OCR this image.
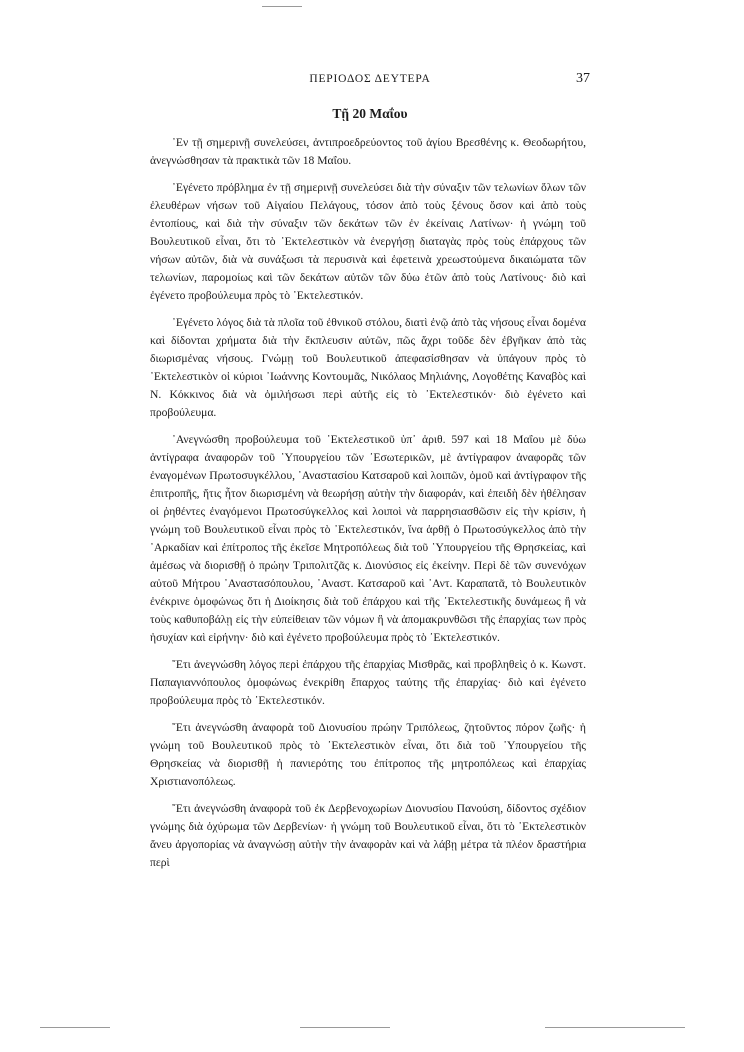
ΠΕΡΙΟΔΟΣ ΔΕΥΤΕΡΑ	37
Τῇ 20 Μαΐου

᾿Εν τῇ σημερινῇ συνελεύσει, ἀντιπροεδρεύοντος τοῦ ἁγίου Βρεσθένης κ. Θεοδωρήτου, ἀνεγνώσθησαν τὰ πρακτικὰ τῶν 18 Μαΐου.

᾿Εγένετο πρόβλημα ἐν τῇ σημερινῇ συνελεύσει διὰ τὴν σύναξιν τῶν τελωνίων ὅλων τῶν ἐλευθέρων νήσων τοῦ Αἰγαίου Πελάγους, τόσον ἀπὸ τοὺς ξένους ὅσον καὶ ἀπὸ τοὺς ἐντοπίους, καὶ διὰ τὴν σύναξιν τῶν δεκάτων τῶν ἐν ἐκείναις Λατίνων· ἡ γνώμη τοῦ Βουλευτικοῦ εἶναι, ὅτι τὸ ᾿Εκτελεστικὸν νὰ ἐνεργήσῃ διαταγὰς πρὸς τοὺς ἐπάρχους τῶν νήσων αὐτῶν, διὰ νὰ συνάξωσι τὰ περυσινὰ καὶ ἐφετεινὰ χρεωστούμενα δικαιώματα τῶν τελωνίων, παρομοίως καὶ τῶν δεκάτων αὐτῶν τῶν δύω ἐτῶν ἀπὸ τοὺς Λατίνους· διὸ καὶ ἐγένετο προβούλευμα πρὸς τὸ ᾿Εκτελεστικόν.

᾿Εγένετο λόγος διὰ τὰ πλοῖα τοῦ ἐθνικοῦ στόλου, διατὶ ἐνῷ ἀπὸ τὰς νήσους εἶναι δομένα καὶ δίδονται χρήματα διὰ τὴν ἔκπλευσιν αὐτῶν, πῶς ἄχρι τοῦδε δὲν ἐβγῆκαν ἀπὸ τὰς διωρισμένας νήσους. Γνώμῃ τοῦ Βουλευτικοῦ ἀπεφασίσθησαν νὰ ὑπάγουν πρὸς τὸ ᾿Εκτελεστικὸν οἱ κύριοι ᾿Ιωάννης Κοντουμᾶς, Νικόλαος Μηλιάνης, Λογοθέτης Καναβὸς καὶ Ν. Κόκκινος διὰ νὰ ὁμιλήσωσι περὶ αὐτῆς εἰς τὸ ᾿Εκτελεστικόν· διὸ ἐγένετο καὶ προβούλευμα.

᾿Ανεγνώσθη προβούλευμα τοῦ ᾿Εκτελεστικοῦ ὑπ᾿ ἀριθ. 597 καὶ 18 Μαΐου μὲ δύω ἀντίγραφα ἀναφορῶν τοῦ ῾Υπουργείου τῶν ᾿Εσωτερικῶν, μὲ ἀντίγραφον ἀναφορᾶς τῶν ἐναγομένων Πρωτοσυγκέλλου, ᾿Αναστασίου Κατσαροῦ καὶ λοιπῶν, ὁμοῦ καὶ ἀντίγραφον τῆς ἐπιτροπῆς, ἥτις ἦτον διωρισμένη νὰ θεωρήσῃ αὐτὴν τὴν διαφοράν, καὶ ἐπειδὴ δὲν ἠθέλησαν οἱ ῥηθέντες ἐναγόμενοι Πρωτοσύγκελλος καὶ λοιποὶ νὰ παρρησιασθῶσιν εἰς τὴν κρίσιν, ἡ γνώμη τοῦ Βουλευτικοῦ εἶναι πρὸς τὸ ᾿Εκτελεστικόν, ἵνα ἀρθῇ ὁ Πρωτοσύγκελλος ἀπὸ τὴν ᾿Αρκαδίαν καὶ ἐπίτροπος τῆς ἐκεῖσε Μητροπόλεως διὰ τοῦ ῾Υπουργείου τῆς Θρησκείας, καὶ ἀμέσως νὰ διορισθῇ ὁ πρώην Τριπολιτζᾶς κ. Διονύσιος εἰς ἐκείνην. Περὶ δὲ τῶν συνενόχων αὐτοῦ Μήτρου ᾿Αναστασόπουλου, ᾿Αναστ. Κατσαροῦ καὶ ᾿Αντ. Καραπατᾶ, τὸ Βουλευτικὸν ἐνέκρινε ὁμοφώνως ὅτι ἡ Διοίκησις διὰ τοῦ ἐπάρχου καὶ τῆς ᾿Εκτελεστικῆς δυνάμεως ἢ νὰ τοὺς καθυποβάλῃ εἰς τὴν εὐπείθειαν τῶν νόμων ἢ νὰ ἀπομακρυνθῶσι τῆς ἐπαρχίας των πρὸς ἡσυχίαν καὶ εἰρήνην· διὸ καὶ ἐγένετο προβούλευμα πρὸς τὸ ᾿Εκτελεστικόν.

῎Ετι ἀνεγνώσθη λόγος περὶ ἐπάρχου τῆς ἐπαρχίας Μισθρᾶς, καὶ προβληθεὶς ὁ κ. Κωνστ. Παπαγιαννόπουλος ὁμοφώνως ἐνεκρίθη ἔπαρχος ταύτης τῆς ἐπαρχίας· διὸ καὶ ἐγένετο προβούλευμα πρὸς τὸ ᾿Εκτελεστικόν.

῎Ετι ἀνεγνώσθη ἀναφορὰ τοῦ Διονυσίου πρώην Τριπόλεως, ζητοῦντος πόρον ζωῆς· ἡ γνώμη τοῦ Βουλευτικοῦ πρὸς τὸ ᾿Εκτελεστικὸν εἶναι, ὅτι διὰ τοῦ ῾Υπουργείου τῆς Θρησκείας νὰ διορισθῇ ἡ πανιερότης του ἐπίτροπος τῆς μητροπόλεως καὶ ἐπαρχίας Χριστιανοπόλεως.

῎Ετι ἀνεγνώσθη ἀναφορὰ τοῦ ἐκ Δερβενοχωρίων Διονυσίου Πανούση, δίδοντος σχέδιον γνώμης διὰ ὀχύρωμα τῶν Δερβενίων· ἡ γνώμη τοῦ Βουλευτικοῦ εἶναι, ὅτι τὸ ᾿Εκτελεστικὸν ἄνευ ἀργοπορίας νὰ ἀναγνώσῃ αὐτὴν τὴν ἀναφορὰν καὶ νὰ λάβῃ μέτρα τὰ πλέον δραστήρια περὶ
